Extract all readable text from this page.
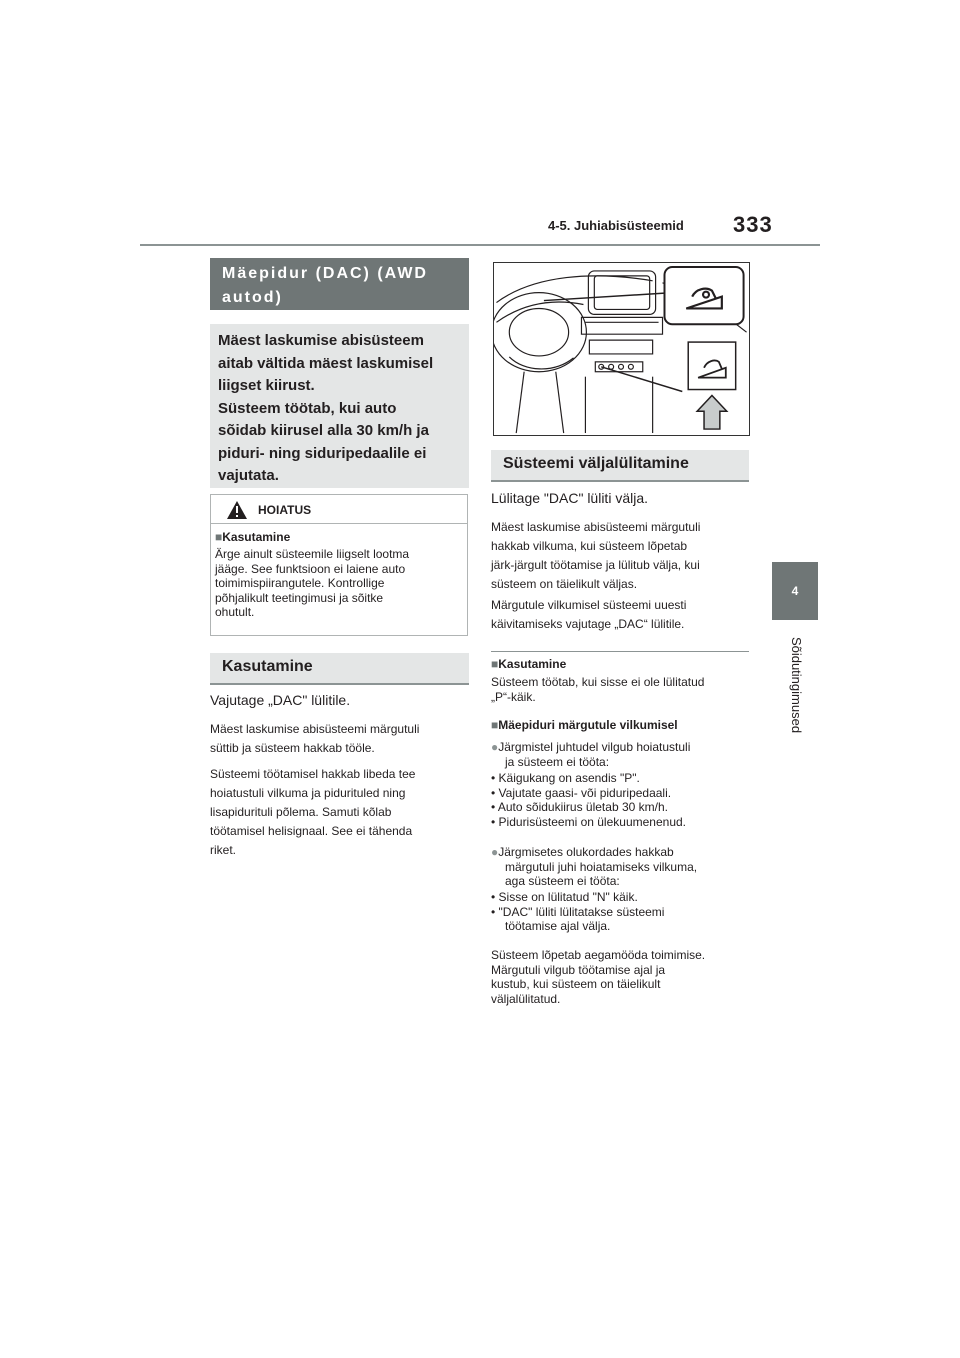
4-5. Juhiabisüsteemid 333
4
Sõidutingimused
Mäepidur (DAC) (AWD
autod)
Mäest laskumise abisüsteem
aitab vältida mäest laskumisel
liigset kiirust.
Süsteem töötab, kui auto
sõidab kiirusel alla 30 km/h ja
piduri- ning siduripedaalile ei
vajutata.
HOIATUS
■Kasutamine
Ärge ainult süsteemile liigselt lootma
jääge. See funktsioon ei laiene auto
toimimispiirangutele. Kontrollige
põhjalikult teetingimusi ja sõitke
ohutult.
Kasutamine
Vajutage „DAC" lülitile.
Mäest laskumise abisüsteemi märgutuli
süttib ja süsteem hakkab tööle.
Süsteemi töötamisel hakkab libeda tee
hoiatustuli vilkuma ja pidurituled ning
lisapidurituli põlema. Samuti kõlab
töötamisel helisignaal. See ei tähenda
riket.
Süsteemi väljalülitamine
Lülitage "DAC" lüliti välja.
Mäest laskumise abisüsteemi märgutuli
hakkab vilkuma, kui süsteem lõpetab
järk-järgult töötamise ja lülitub välja, kui
süsteem on täielikult väljas.
Märgutule vilkumisel süsteemi uuesti
käivitamiseks vajutage „DAC“ lülitile.
■Kasutamine
Süsteem töötab, kui sisse ei ole lülitatud
„P“-käik.
■Mäepiduri märgutule vilkumisel
●Järgmistel juhtudel vilgub hoiatustuli
ja süsteem ei tööta:
• Käigukang on asendis "P".
• Vajutate gaasi- või piduripedaali.
• Auto sõidukiirus ületab 30 km/h.
• Pidurisüsteemi on ülekuumenenud.
●Järgmisetes olukordades hakkab
märgutuli juhi hoiatamiseks vilkuma,
aga süsteem ei tööta:
• Sisse on lülitatud "N" käik.
• "DAC" lüliti lülitatakse süsteemi
töötamise ajal välja.
Süsteem lõpetab aegamööda toimimise.
Märgutuli vilgub töötamise ajal ja
kustub, kui süsteem on täielikult
väljalülitatud.
